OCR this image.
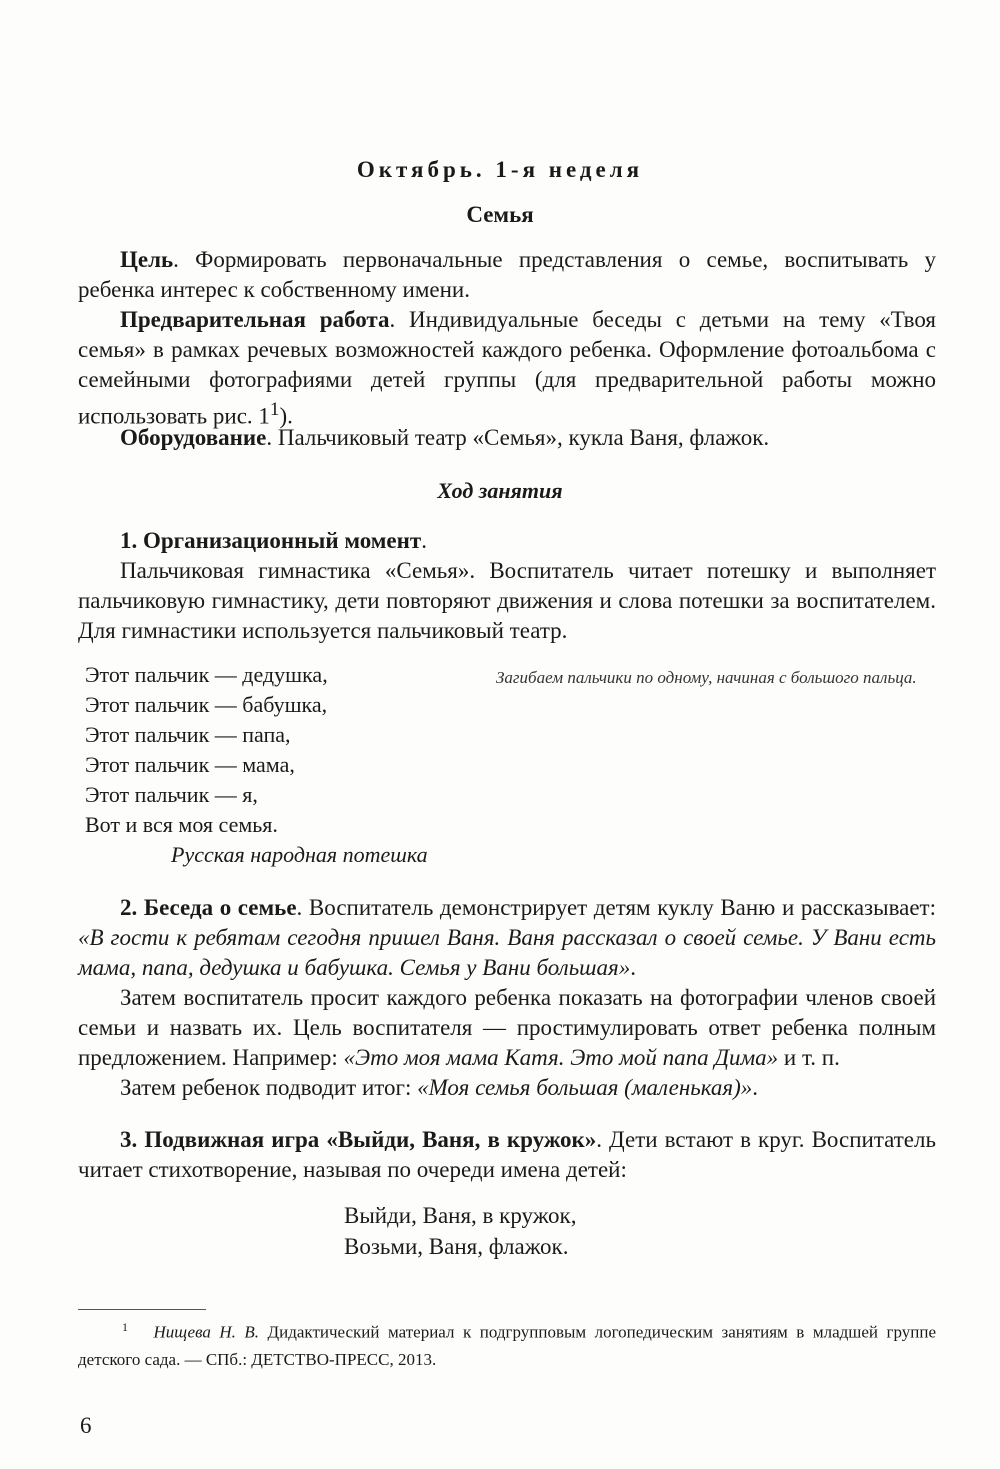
Октябрь. 1-я неделя
Семья
Цель. Формировать первоначальные представления о семье, воспитывать у ребенка интерес к собственному имени.
Предварительная работа. Индивидуальные беседы с детьми на тему «Твоя семья» в рамках речевых возможностей каждого ребенка. Оформление фотоальбома с семейными фотографиями детей группы (для предварительной работы можно использовать рис. $1^1$).
Оборудование. Пальчиковый театр «Семья», кукла Ваня, флажок.
Ход занятия
1. Организационный момент.
Пальчиковая гимнастика «Семья». Воспитатель читает потешку и выполняет пальчиковую гимнастику, дети повторяют движения и слова потешки за воспитателем. Для гимнастики используется пальчиковый театр.
Этот пальчик — дедушка,
Этот пальчик — бабушка,
Этот пальчик — папа,
Этот пальчик — мама,
Этот пальчик — я,
Вот и вся моя семья.
Русская народная потешка
Загибаем пальчики по одному, начиная с большого пальца.
2. Беседа о семье. Воспитатель демонстрирует детям куклу Ваню и рассказывает: «В гости к ребятам сегодня пришел Ваня. Ваня рассказал о своей семье. У Вани есть мама, папа, дедушка и бабушка. Семья у Вани большая».
Затем воспитатель просит каждого ребенка показать на фотографии членов своей семьи и назвать их. Цель воспитателя — простимулировать ответ ребенка полным предложением. Например: «Это моя мама Катя. Это мой папа Дима» и т. п.
Затем ребенок подводит итог: «Моя семья большая (маленькая)».
3. Подвижная игра «Выйди, Ваня, в кружок». Дети встают в круг. Воспитатель читает стихотворение, называя по очереди имена детей:
Выйди, Ваня, в кружок,
Возьми, Ваня, флажок.
$^1$ Нищева Н. В. Дидактический материал к подгрупповым логопедическим занятиям в младшей группе детского сада. — СПб.: ДЕТСТВО-ПРЕСС, 2013.
6
